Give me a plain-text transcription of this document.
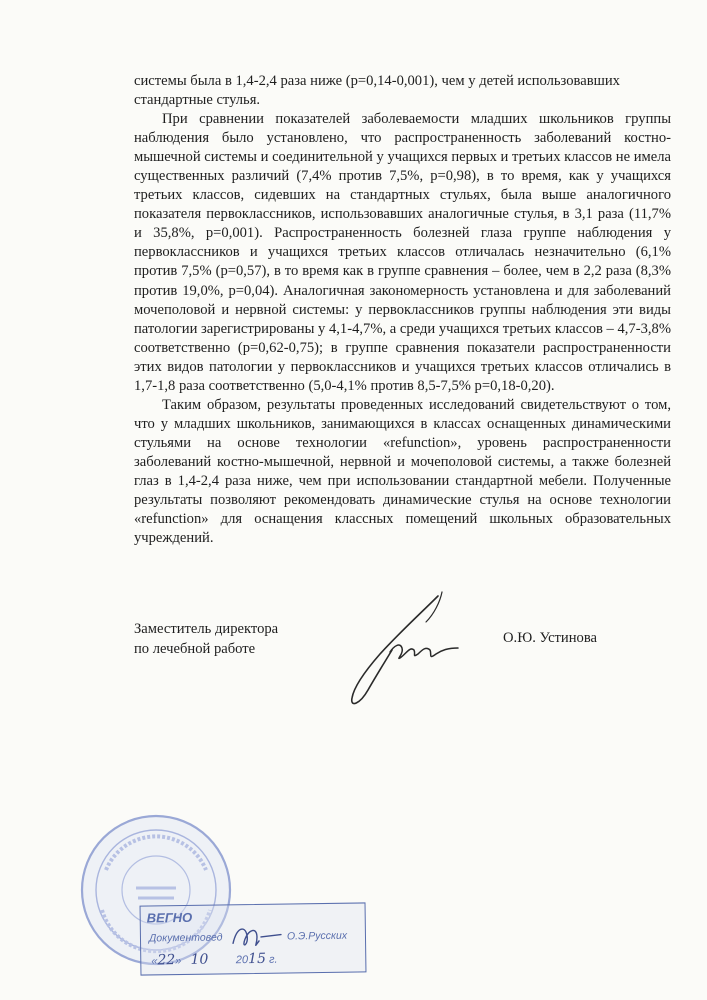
системы была в 1,4-2,4 раза ниже (р=0,14-0,001), чем у детей использовавших стандартные стулья.

При сравнении показателей заболеваемости младших школьников группы наблюдения было установлено, что распространенность заболеваний костно-мышечной системы и соединительной у учащихся первых и третьих классов не имела существенных различий (7,4% против 7,5%, р=0,98), в то время, как у учащихся третьих классов, сидевших на стандартных стульях, была выше аналогичного показателя первоклассников, использовавших аналогичные стулья, в 3,1 раза (11,7% и 35,8%, р=0,001). Распространенность болезней глаза группе наблюдения у первоклассников и учащихся третьих классов отличалась незначительно (6,1% против 7,5% (р=0,57), в то время как в группе сравнения – более, чем в 2,2 раза (8,3% против 19,0%, р=0,04). Аналогичная закономерность установлена и для заболеваний мочеполовой и нервной системы: у первоклассников группы наблюдения эти виды патологии зарегистрированы у 4,1-4,7%, а среди учащихся третьих классов – 4,7-3,8% соответственно (р=0,62-0,75); в группе сравнения показатели распространенности этих видов патологии у первоклассников и учащихся третьих классов отличались в 1,7-1,8 раза соответственно (5,0-4,1% против 8,5-7,5% р=0,18-0,20).

Таким образом, результаты проведенных исследований свидетельствуют о том, что у младших школьников, занимающихся в классах оснащенных динамическими стульями на основе технологии «refunction», уровень распространенности заболеваний костно-мышечной, нервной и мочеполовой системы, а также болезней глаз в 1,4-2,4 раза ниже, чем при использовании стандартной мебели. Полученные результаты позволяют рекомендовать динамические стулья на основе технологии «refunction» для оснащения классных помещений школьных образовательных учреждений.

Заместитель директора
по лечебной работе
О.Ю. Устинова
ВЕГНО
Документовед	О.Э.Русских
«22» 10 2015 г.
